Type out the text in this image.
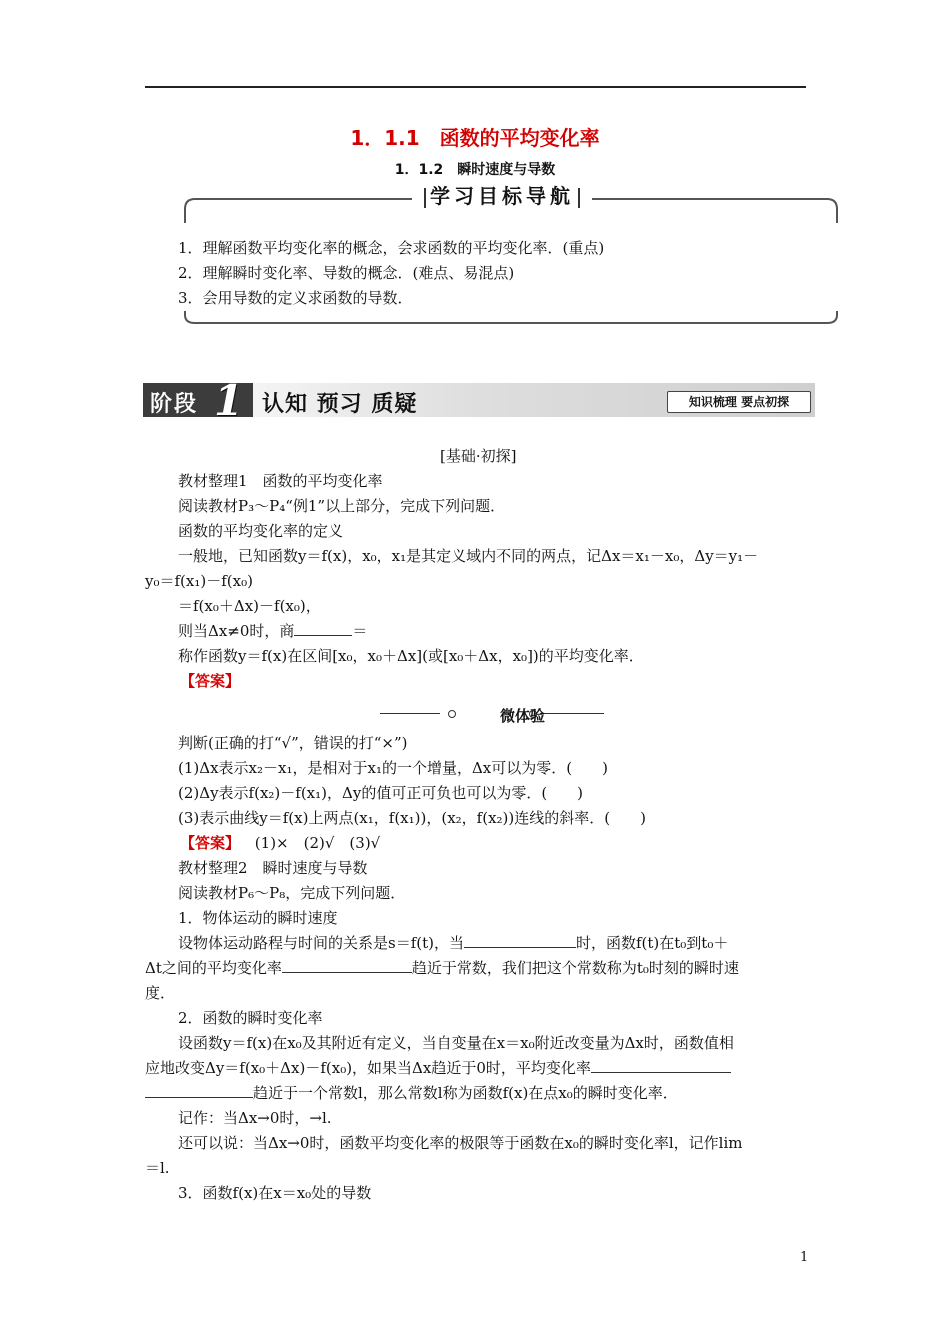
1．1.1　函数的平均变化率
1．1.2　瞬时速度与导数
学习目标导航
1．理解函数平均变化率的概念，会求函数的平均变化率．(重点)
2．理解瞬时变化率、导数的概念．(难点、易混点)
3．会用导数的定义求函数的导数．
阶段 1 认知 预习 质疑	知识梳理 要点初探
[基础·初探]
教材整理1　函数的平均变化率
阅读教材P₃～P₄“例1”以上部分，完成下列问题．
函数的平均变化率的定义
一般地，已知函数y＝f(x)，x₀，x₁是其定义域内不同的两点，记Δx＝x₁－x₀，Δy＝y₁－
y₀＝f(x₁)－f(x₀)
＝f(x₀＋Δx)－f(x₀)，
则当Δx≠0时，商	＝
称作函数y＝f(x)在区间[x₀，x₀＋Δx](或[x₀＋Δx，x₀])的平均变化率．
【答案】
微体验
判断(正确的打“√”，错误的打“×”)
(1)Δx表示x₂－x₁，是相对于x₁的一个增量，Δx可以为零．(　　)
(2)Δy表示f(x₂)－f(x₁)，Δy的值可正可负也可以为零．(　　)
(3)表示曲线y＝f(x)上两点(x₁，f(x₁))，(x₂，f(x₂))连线的斜率．(　　)
【答案】 (1)×　(2)√　(3)√
教材整理2　瞬时速度与导数
阅读教材P₆～P₈，完成下列问题．
1．物体运动的瞬时速度
设物体运动路程与时间的关系是s＝f(t)，当	时，函数f(t)在t₀到t₀＋
Δt之间的平均变化率	趋近于常数，我们把这个常数称为t₀时刻的瞬时速
度．
2．函数的瞬时变化率
设函数y＝f(x)在x₀及其附近有定义，当自变量在x＝x₀附近改变量为Δx时，函数值相
应地改变Δy＝f(x₀＋Δx)－f(x₀)，如果当Δx趋近于0时，平均变化率
趋近于一个常数l，那么常数l称为函数f(x)在点x₀的瞬时变化率．
记作：当Δx→0时，→l.
还可以说：当Δx→0时，函数平均变化率的极限等于函数在x₀的瞬时变化率l，记作lim
＝l.
3．函数f(x)在x＝x₀处的导数
1
